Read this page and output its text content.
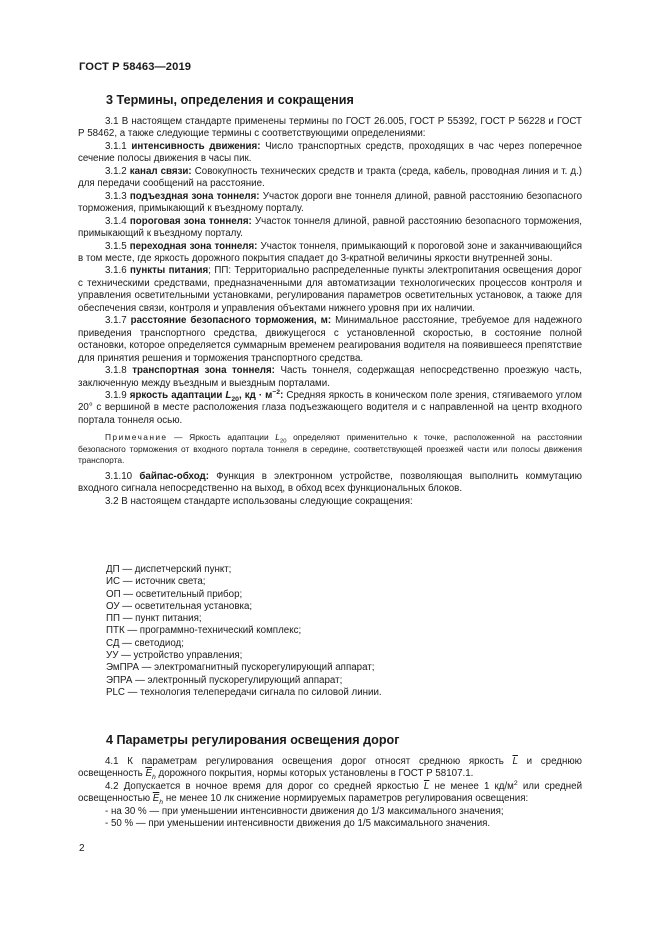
ГОСТ Р 58463—2019
3 Термины, определения и сокращения

3.1 В настоящем стандарте применены термины по ГОСТ 26.005, ГОСТ Р 55392, ГОСТ Р 56228 и ГОСТ Р 58462, а также следующие термины с соответствующими определениями:

3.1.1 интенсивность движения: Число транспортных средств, проходящих в час через поперечное сечение полосы движения в часы пик.

3.1.2 канал связи: Совокупность технических средств и тракта (среда, кабель, проводная линия и т. д.) для передачи сообщений на расстояние.

3.1.3 подъездная зона тоннеля: Участок дороги вне тоннеля длиной, равной расстоянию безопасного торможения, примыкающий к въездному порталу.

3.1.4 пороговая зона тоннеля: Участок тоннеля длиной, равной расстоянию безопасного торможения, примыкающий к въездному порталу.

3.1.5 переходная зона тоннеля: Участок тоннеля, примыкающий к пороговой зоне и заканчивающийся в том месте, где яркость дорожного покрытия спадает до 3-кратной величины яркости внутренней зоны.

3.1.6 пункты питания; ПП: Территориально распределенные пункты электропитания освещения дорог с техническими средствами, предназначенными для автоматизации технологических процессов контроля и управления осветительными установками, регулирования параметров осветительных установок, а также для обеспечения связи, контроля и управления объектами нижнего уровня при их наличии.

3.1.7 расстояние безопасного торможения, м: Минимальное расстояние, требуемое для надежного приведения транспортного средства, движущегося с установленной скоростью, в состояние полной остановки, которое определяется суммарным временем реагирования водителя на появившееся препятствие для принятия решения и торможения транспортного средства.

3.1.8 транспортная зона тоннеля: Часть тоннеля, содержащая непосредственно проезжую часть, заключенную между въездным и выездным порталами.

3.1.9 яркость адаптации $L_{20}$, кд · $м^{-2}$: Средняя яркость в коническом поле зрения, стягиваемого углом 20° с вершиной в месте расположения глаза подъезжающего водителя и с направленной на центр входного портала тоннеля осью.

Примечание — Яркость адаптации $L_{20}$ определяют применительно к точке, расположенной на расстоянии безопасного торможения от входного портала тоннеля в середине, соответствующей проезжей части или полосы движения транспорта.

3.1.10 байпас-обход: Функция в электронном устройстве, позволяющая выполнить коммутацию входного сигнала непосредственно на выход, в обход всех функциональных блоков.

3.2 В настоящем стандарте использованы следующие сокращения:

ДП — диспетчерский пункт;
ИС — источник света;
ОП — осветительный прибор;
ОУ — осветительная установка;
ПП — пункт питания;
ПТК — программно-технический комплекс;
СД — светодиод;
УУ — устройство управления;
ЭмПРА — электромагнитный пускорегулирующий аппарат;
ЭПРА — электронный пускорегулирующий аппарат;
PLC — технология телепередачи сигнала по силовой линии.
4 Параметры регулирования освещения дорог

4.1 К параметрам регулирования освещения дорог относят среднюю яркость $\overline{L}$ и среднюю освещенность $\overline{E}_h$ дорожного покрытия, нормы которых установлены в ГОСТ Р 58107.1.

4.2 Допускается в ночное время для дорог со средней яркостью $\overline{L}$ не менее 1 $кд/м^2$ или средней освещенностью $\overline{E}_h$ не менее 10 лк снижение нормируемых параметров регулирования освещения:

- на 30 % — при уменьшении интенсивности движения до 1/3 максимального значения;

- 50 % — при уменьшении интенсивности движения до 1/5 максимального значения.

2
